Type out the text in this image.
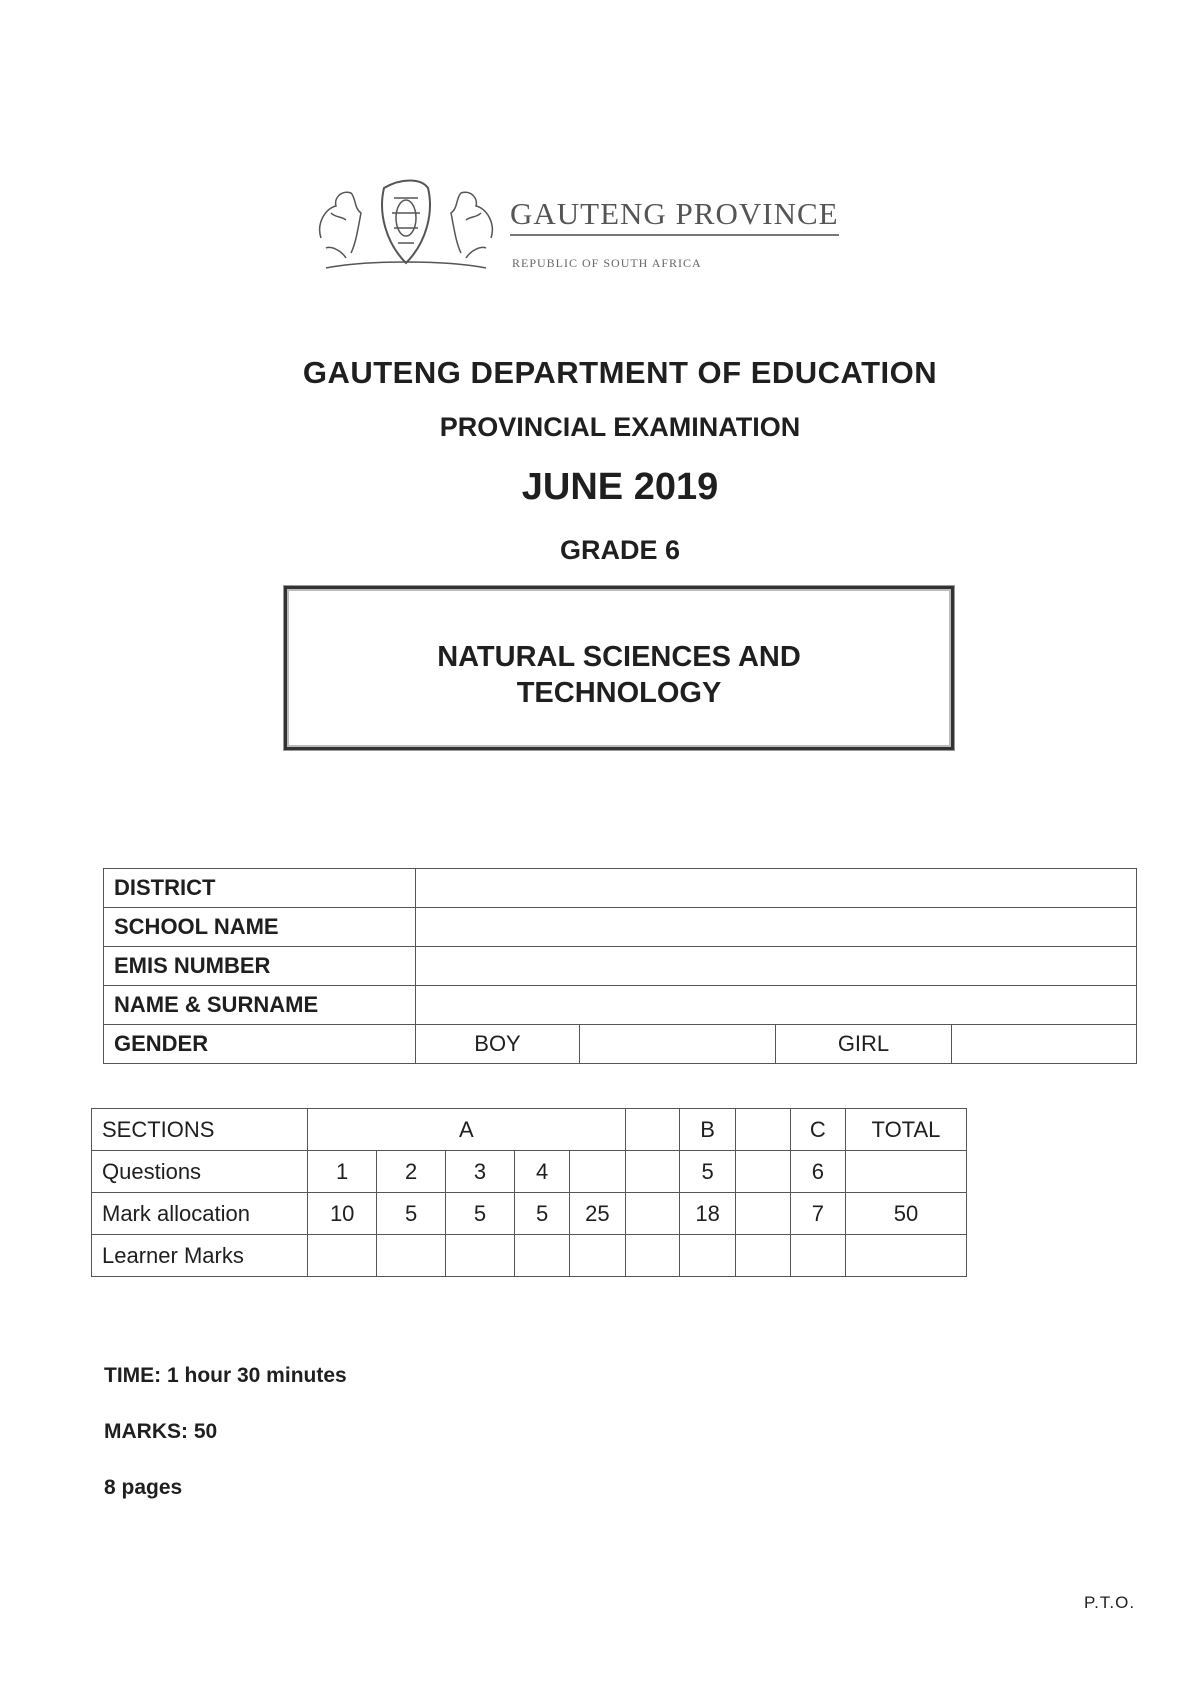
GAUTENG PROVINCE
REPUBLIC OF SOUTH AFRICA
GAUTENG DEPARTMENT OF EDUCATION
PROVINCIAL EXAMINATION
JUNE 2019
GRADE 6
NATURAL SCIENCES AND
TECHNOLOGY
DISTRICT				
SCHOOL NAME				
EMIS NUMBER				
NAME & SURNAME				
GENDER	BOY		GIRL	
SECTIONS	A						B		C	TOTAL
Questions	1	2	3	4			5		6	
Mark allocation	10	5	5	5	25		18		7	50
Learner Marks										
TIME: 1 hour 30 minutes
MARKS: 50
8 pages
P.T.O.
